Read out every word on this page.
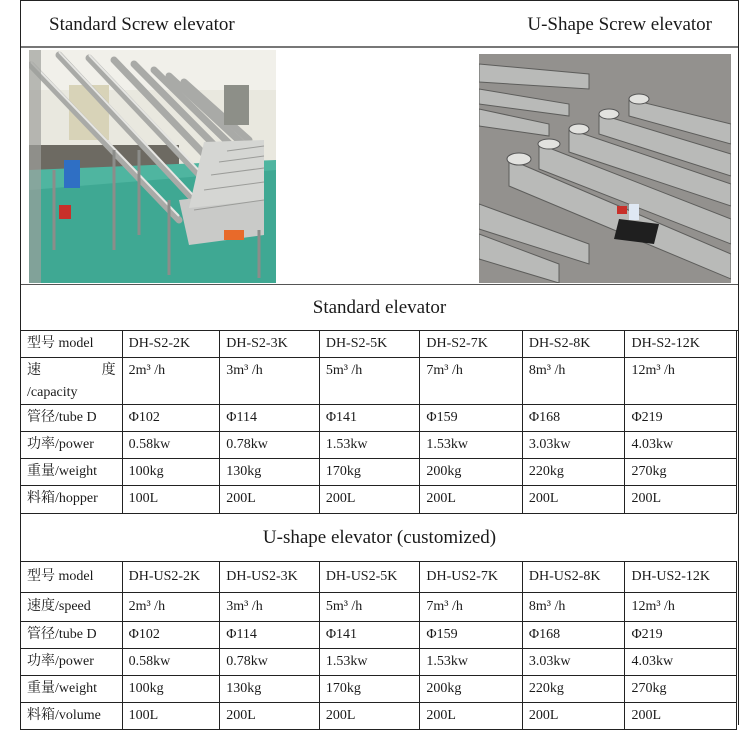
Standard Screw elevator	U-Shape Screw elevator
Standard elevator
型号 model	DH-S2-2K	DH-S2-3K	DH-S2-5K	DH-S2-7K	DH-S2-8K	DH-S2-12K

速 度
/capacity	2m³ /h	3m³ /h	5m³ /h	7m³ /h	8m³ /h	12m³ /h
管径/tube D	Φ102	Φ114	Φ141	Φ159	Φ168	Φ219
功率/power	0.58kw	0.78kw	1.53kw	1.53kw	3.03kw	4.03kw
重量/weight	100kg	130kg	170kg	200kg	220kg	270kg
料箱/hopper	100L	200L	200L	200L	200L	200L
U-shape elevator (customized)
型号 model	DH-US2-2K	DH-US2-3K	DH-US2-5K	DH-US2-7K	DH-US2-8K	DH-US2-12K
速度/speed	2m³ /h	3m³ /h	5m³ /h	7m³ /h	8m³ /h	12m³ /h
管径/tube D	Φ102	Φ114	Φ141	Φ159	Φ168	Φ219
功率/power	0.58kw	0.78kw	1.53kw	1.53kw	3.03kw	4.03kw
重量/weight	100kg	130kg	170kg	200kg	220kg	270kg
料箱/volume	100L	200L	200L	200L	200L	200L
